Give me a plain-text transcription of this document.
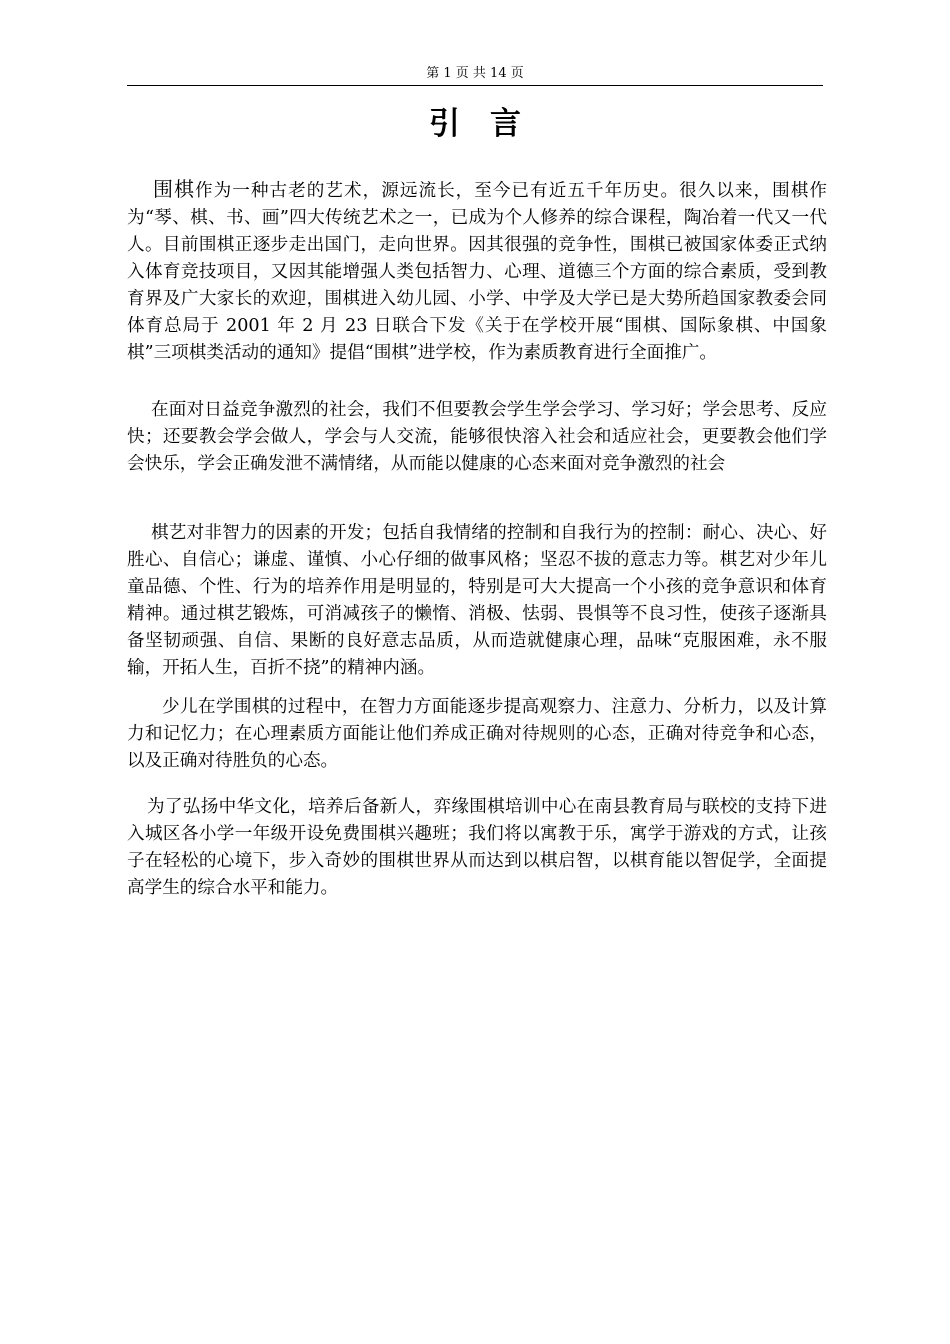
第 1 页 共 14 页
引言

围棋作为一种古老的艺术，源远流长，至今已有近五千年历史。很久以来，围棋作为“琴、棋、书、画”四大传统艺术之一，已成为个人修养的综合课程，陶冶着一代又一代人。目前围棋正逐步走出国门，走向世界。因其很强的竞争性，围棋已被国家体委正式纳入体育竞技项目，又因其能增强人类包括智力、心理、道德三个方面的综合素质，受到教育界及广大家长的欢迎，围棋进入幼儿园、小学、中学及大学已是大势所趋国家教委会同体育总局于 2001 年 2 月 23 日联合下发《关于在学校开展“围棋、国际象棋、中国象棋”三项棋类活动的通知》提倡“围棋”进学校，作为素质教育进行全面推广。

在面对日益竞争激烈的社会，我们不但要教会学生学会学习、学习好；学会思考、反应快；还要教会学会做人，学会与人交流，能够很快溶入社会和适应社会，更要教会他们学会快乐，学会正确发泄不满情绪，从而能以健康的心态来面对竞争激烈的社会

棋艺对非智力的因素的开发；包括自我情绪的控制和自我行为的控制：耐心、决心、好胜心、自信心；谦虚、谨慎、小心仔细的做事风格；坚忍不拔的意志力等。棋艺对少年儿童品德、个性、行为的培养作用是明显的，特别是可大大提高一个小孩的竞争意识和体育精神。通过棋艺锻炼，可消减孩子的懒惰、消极、怯弱、畏惧等不良习性，使孩子逐渐具备坚韧顽强、自信、果断的良好意志品质，从而造就健康心理，品味“克服困难，永不服输，开拓人生，百折不挠”的精神内涵。

少儿在学围棋的过程中，在智力方面能逐步提高观察力、注意力、分析力，以及计算力和记忆力；在心理素质方面能让他们养成正确对待规则的心态，正确对待竞争和心态，以及正确对待胜负的心态。

为了弘扬中华文化，培养后备新人，弈缘围棋培训中心在南县教育局与联校的支持下进入城区各小学一年级开设免费围棋兴趣班；我们将以寓教于乐，寓学于游戏的方式，让孩子在轻松的心境下，步入奇妙的围棋世界从而达到以棋启智，以棋育能以智促学，全面提高学生的综合水平和能力。
